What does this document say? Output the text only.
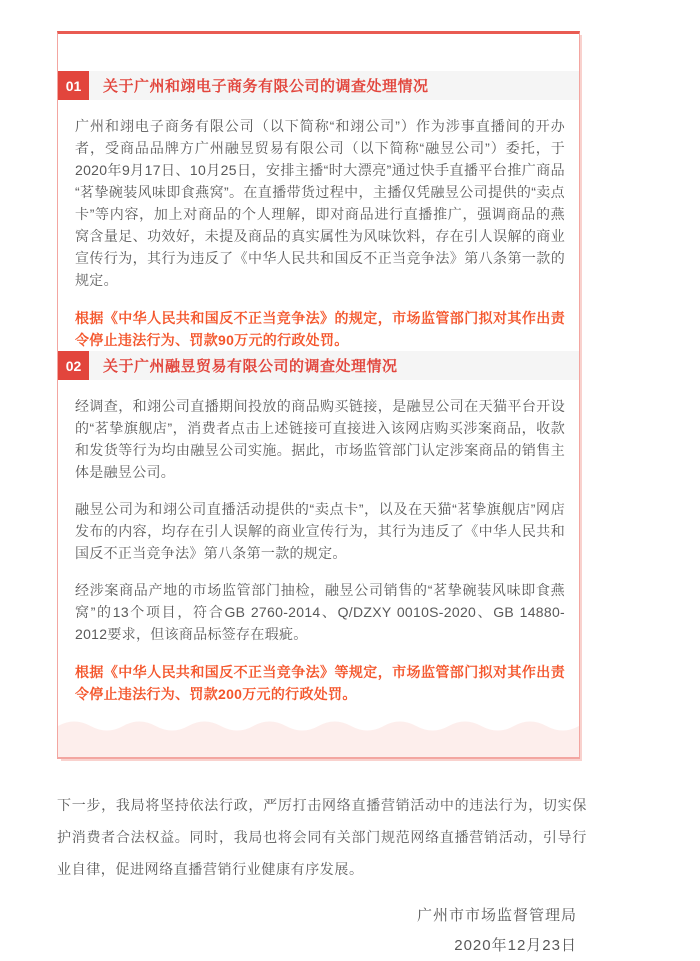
01	关于广州和翊电子商务有限公司的调查处理情况

广州和翊电子商务有限公司（以下简称“和翊公司”）作为涉事直播间的开办者，受商品品牌方广州融昱贸易有限公司（以下简称“融昱公司”）委托，于2020年9月17日、10月25日，安排主播“时大漂亮”通过快手直播平台推广商品“茗挚碗装风味即食燕窝”。在直播带货过程中，主播仅凭融昱公司提供的“卖点卡”等内容，加上对商品的个人理解，即对商品进行直播推广，强调商品的燕窝含量足、功效好，未提及商品的真实属性为风味饮料，存在引人误解的商业宣传行为，其行为违反了《中华人民共和国反不正当竞争法》第八条第一款的规定。

根据《中华人民共和国反不正当竞争法》的规定，市场监管部门拟对其作出责令停止违法行为、罚款90万元的行政处罚。

02	关于广州融昱贸易有限公司的调查处理情况

经调查，和翊公司直播期间投放的商品购买链接，是融昱公司在天猫平台开设的“茗挚旗舰店”，消费者点击上述链接可直接进入该网店购买涉案商品，收款和发货等行为均由融昱公司实施。据此，市场监管部门认定涉案商品的销售主体是融昱公司。

融昱公司为和翊公司直播活动提供的“卖点卡”，以及在天猫“茗挚旗舰店”网店发布的内容，均存在引人误解的商业宣传行为，其行为违反了《中华人民共和国反不正当竞争法》第八条第一款的规定。

经涉案商品产地的市场监管部门抽检，融昱公司销售的“茗挚碗装风味即食燕窝”的13个项目，符合GB 2760-2014、Q/DZXY 0010S-2020、GB 14880-2012要求，但该商品标签存在瑕疵。

根据《中华人民共和国反不正当竞争法》等规定，市场监管部门拟对其作出责令停止违法行为、罚款200万元的行政处罚。

下一步，我局将坚持依法行政，严厉打击网络直播营销活动中的违法行为，切实保护消费者合法权益。同时，我局也将会同有关部门规范网络直播营销活动，引导行业自律，促进网络直播营销行业健康有序发展。

广州市市场监督管理局
2020年12月23日
